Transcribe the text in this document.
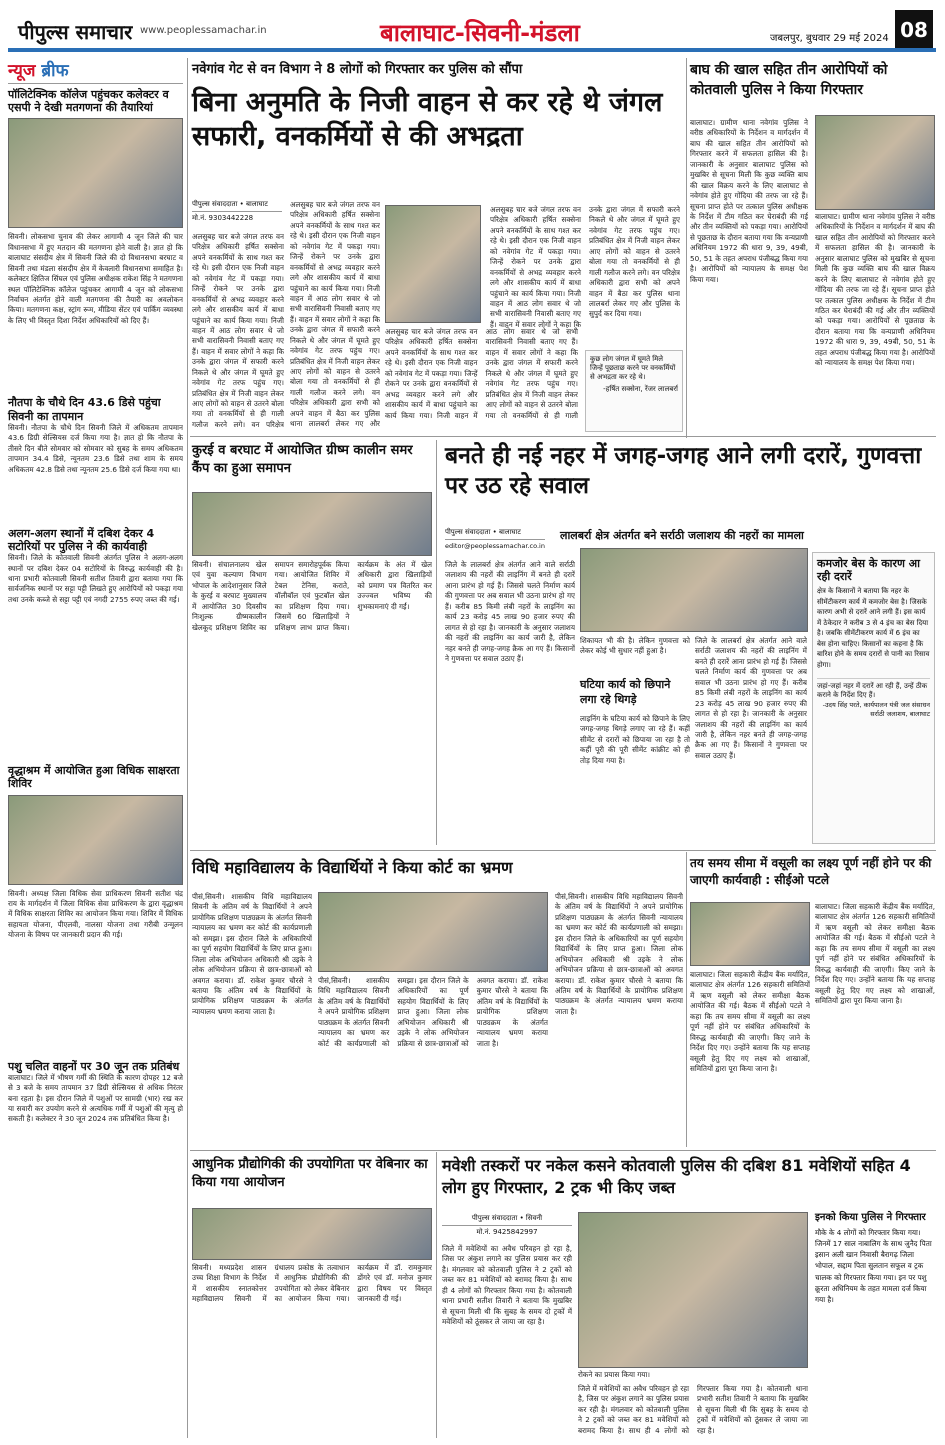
पीपुल्स समाचार www.peoplessamachar.in	बालाघाट-सिवनी-मंडला	जबलपुर, बुधवार 29 मई 2024 08
न्यूज ब्रीफ
पॉलिटेक्निक कॉलेज पहुंचकर कलेक्टर व एसपी ने देखी मतगणना की तैयारियां
सिवनी। लोकसभा चुनाव की लेकर आगामी 4 जून जिले की चार विधानसभा में हुए मतदान की मतगणना होने वाली है। ज्ञात हो कि बालाघाट संसदीय क्षेत्र में सिवनी जिले की दो विधानसभा बरघाट व सिवनी तथा मंडला संसदीय क्षेत्र में केवलारी विधानसभा समाहित है। कलेक्टर क्षितिज सिंघल एवं पुलिस अधीक्षक राकेश सिंह ने मतगणना स्थल पॉलिटेक्निक कॉलेज पहुंचकर आगामी 4 जून को लोकसभा निर्वाचन अंतर्गत होने वाली मतगणना की तैयारी का अवलोकन किया। मतगणना कक्ष, स्ट्रांग रूम, मीडिया सेंटर एवं पार्किंग व्यवस्था के लिए भी विस्तृत दिशा निर्देश अधिकारियों को दिए हैं।
नौतपा के चौथे दिन 43.6 डिसे पहुंचा सिवनी का तापमान
सिवनी। नौतपा के चौथे दिन सिवनी जिले में अधिकतम तापमान 43.6 डिग्री सेल्सियस दर्ज किया गया है। ज्ञात हो कि नौतपा के तीसरे दिन बीते सोमवार को सोमवार को सुबह के समय अधिकतम तापमान 34.4 डिसे, न्यूनतम 23.6 डिसे तथा शाम के समय अधिकतम 42.8 डिसे तथा न्यूनतम 25.6 डिसे दर्ज किया गया था।
अलग-अलग स्थानों में दबिश देकर 4 सटोरियों पर पुलिस ने की कार्यवाही
सिवनी। जिले के कोतवाली सिवनी अंतर्गत पुलिस ने अलग-अलग स्थानों पर दबिश देकर 04 सटोरियों के विरुद्ध कार्यवाही की है। थाना प्रभारी कोतवाली सिवनी सतीश तिवारी द्वारा बताया गया कि सार्वजनिक स्थानों पर सट्टा पट्टी लिखते हुए आरोपियों को पकड़ा गया तथा उनके कब्जे से सट्टा पट्टी एवं नगदी 2755 रुपए जब्त की गई।
वृद्धाश्रम में आयोजित हुआ विधिक साक्षरता शिविर
सिवनी। अध्यक्ष जिला विधिक सेवा प्राधिकरण सिवनी सतीश चंद्र राय के मार्गदर्शन में जिला विधिक सेवा प्राधिकरण के द्वारा वृद्धाश्रम में विधिक साक्षरता शिविर का आयोजन किया गया। शिविर में विधिक सहायता योजना, पीएलवी, नालसा योजना तथा गरीबी उन्मूलन योजना के विषय पर जानकारी प्रदान की गई।
पशु चलित वाहनों पर 30 जून तक प्रतिबंध
बालाघाट। जिले में भीषण गर्मी की स्थिति के कारण दोपहर 12 बजे से 3 बजे के समय तापमान 37 डिग्री सेल्सियस से अधिक निरंतर बना रहता है। इस दौरान जिले में पशुओं पर सामग्री (भार) रख कर या सवारी कर उपयोग करने से अत्यधिक गर्मी में पशुओं की मृत्यु हो सकती है। कलेक्टर ने 30 जून 2024 तक प्रतिबंधित किया है।
नवेगांव गेट से वन विभाग ने 8 लोगों को गिरफ्तार कर पुलिस को सौंपा
बिना अनुमति के निजी वाहन से कर रहे थे जंगल सफारी, वनकर्मियों से की अभद्रता
पीपुल्स संवाददाता • बालाघाट
मो.नं. 9303442228
अलसुबह चार बजे जंगल तरफ वन परिक्षेत्र अधिकारी हर्षित सक्सेना अपने वनकर्मियों के साथ गश्त कर रहे थे। इसी दौरान एक निजी वाहन को नवेगांव गेट में पकड़ा गया। जिन्हें रोकने पर उनके द्वारा वनकर्मियों से अभद्र व्यवहार करने लगे और शासकीय कार्य में बाधा पहुंचाने का कार्य किया गया। निजी वाहन में आठ लोग सवार थे जो सभी वारासिवनी निवासी बताए गए हैं। वाहन में सवार लोगों ने कहा कि उनके द्वारा जंगल में सफारी करने निकले थे और जंगल में घूमते हुए नवेगांव गेट तरफ पहुंच गए। प्रतिबंधित क्षेत्र में निजी वाहन लेकर आए लोगों को वाहन से उतरने बोला गया तो वनकर्मियों से ही गाली गलौज करने लगे। वन परिक्षेत्र अधिकारी द्वारा सभी को अपने वाहन में बैठा कर पुलिस थाना लालबर्रा लेकर गए और
अलसुबह चार बजे जंगल तरफ वन परिक्षेत्र अधिकारी हर्षित सक्सेना अपने वनकर्मियों के साथ गश्त कर रहे थे। इसी दौरान एक निजी वाहन को नवेगांव गेट में पकड़ा गया। जिन्हें रोकने पर उनके द्वारा वनकर्मियों से अभद्र व्यवहार करने लगे और शासकीय कार्य में बाधा पहुंचाने का कार्य किया गया। निजी वाहन में आठ लोग सवार थे जो सभी वारासिवनी निवासी बताए गए हैं। वाहन में सवार लोगों ने कहा कि उनके द्वारा जंगल में सफारी करने निकले थे और जंगल में घूमते हुए नवेगांव गेट तरफ पहुंच गए। प्रतिबंधित क्षेत्र में निजी वाहन लेकर आए लोगों को वाहन से उतरने बोला गया तो वनकर्मियों से ही गाली गलौज करने लगे। वन परिक्षेत्र
अलसुबह चार बजे जंगल तरफ वन परिक्षेत्र अधिकारी हर्षित सक्सेना अपने वनकर्मियों के साथ गश्त कर रहे थे। इसी दौरान एक निजी वाहन को नवेगांव गेट में पकड़ा गया। जिन्हें रोकने पर उनके द्वारा वनकर्मियों से अभद्र व्यवहार करने लगे और शासकीय कार्य में बाधा पहुंचाने का कार्य किया गया। निजी वाहन में आठ लोग सवार थे जो सभी वारासिवनी निवासी बताए गए हैं। वाहन में सवार लोगों ने कहा कि उनके द्वारा जंगल में सफारी करने निकले थे और जंगल में घूमते हुए नवेगांव गेट तरफ पहुंच गए। प्रतिबंधित क्षेत्र में निजी वाहन लेकर आए लोगों को वाहन से उतरने बोला गया तो वनकर्मियों से ही गाली
अलसुबह चार बजे जंगल तरफ वन परिक्षेत्र अधिकारी हर्षित सक्सेना अपने वनकर्मियों के साथ गश्त कर रहे थे। इसी दौरान एक निजी वाहन को नवेगांव गेट में पकड़ा गया। जिन्हें रोकने पर उनके द्वारा वनकर्मियों से अभद्र व्यवहार करने लगे और शासकीय कार्य में बाधा पहुंचाने का कार्य किया गया। निजी वाहन में आठ लोग सवार थे जो सभी वारासिवनी निवासी बताए गए हैं। वाहन में सवार लोगों ने कहा कि उनके द्वारा जंगल में सफारी करने निकले थे और जंगल में घूमते हुए नवेगांव गेट तरफ पहुंच गए। प्रतिबंधित क्षेत्र में निजी वाहन लेकर आए लोगों को वाहन से उतरने बोला गया तो वनकर्मियों से ही गाली गलौज करने लगे। वन परिक्षेत्र अधिकारी द्वारा सभी को अपने वाहन में बैठा कर पुलिस थाना लालबर्रा लेकर गए और पुलिस के सुपुर्द कर दिया गया।
कुछ लोग जंगल में घूमते मिले जिन्हें पूछताछ करने पर वनकर्मियों से अभद्रता कर रहे थे।
-हर्षित सक्सेना, रेंजर लालबर्रा
बाघ की खाल सहित तीन आरोपियों को कोतवाली पुलिस ने किया गिरफ्तार
बालाघाट। ग्रामीण थाना नवेगांव पुलिस ने वरीष्ठ अधिकारियों के निर्देशन व मार्गदर्शन में बाघ की खाल सहित तीन आरोपियों को गिरफ्तार करने में सफलता हासिल की है। जानकारी के अनुसार बालाघाट पुलिस को मुखबिर से सूचना मिली कि कुछ व्यक्ति बाघ की खाल विक्रय करने के लिए बालाघाट से नवेगांव होते हुए गोंदिया की तरफ जा रहे हैं। सूचना प्राप्त होते पर तत्काल पुलिस अधीक्षक के निर्देश में टीम गठित कर घेराबंदी की गई और तीन व्यक्तियों को पकड़ा गया। आरोपियों से पूछताछ के दौरान बताया गया कि वन्यप्राणी अधिनियम 1972 की धारा 9, 39, 49बी, 50, 51 के तहत अपराध पंजीबद्ध किया गया है। आरोपियों को न्यायालय के समक्ष पेश किया गया।
बालाघाट। ग्रामीण थाना नवेगांव पुलिस ने वरीष्ठ अधिकारियों के निर्देशन व मार्गदर्शन में बाघ की खाल सहित तीन आरोपियों को गिरफ्तार करने में सफलता हासिल की है। जानकारी के अनुसार बालाघाट पुलिस को मुखबिर से सूचना मिली कि कुछ व्यक्ति बाघ की खाल विक्रय करने के लिए बालाघाट से नवेगांव होते हुए गोंदिया की तरफ जा रहे हैं। सूचना प्राप्त होते पर तत्काल पुलिस अधीक्षक के निर्देश में टीम गठित कर घेराबंदी की गई और तीन व्यक्तियों को पकड़ा गया। आरोपियों से पूछताछ के दौरान बताया गया कि वन्यप्राणी अधिनियम 1972 की धारा 9, 39, 49बी, 50, 51 के तहत अपराध पंजीबद्ध किया गया है। आरोपियों को न्यायालय के समक्ष पेश किया गया।
कुरई व बरघाट में आयोजित ग्रीष्म कालीन समर कैंप का हुआ समापन
सिवनी। संचालनालय खेल एवं युवा कल्याण विभाग भोपाल के आदेशानुसार जिले के कुरई व बरघाट मुख्यालय में आयोजित 30 दिवसीय निःशुल्क ग्रीष्मकालीन खेलकूद प्रशिक्षण शिविर का समापन समारोहपूर्वक किया गया। आयोजित शिविर में टेबल टेनिस, कराते, वॉलीबॉल एवं फुटबॉल खेल का प्रशिक्षण दिया गया। जिसमें 60 खिलाड़ियों ने प्रशिक्षण लाभ प्राप्त किया। कार्यक्रम के अंत में खेल अधिकारी द्वारा खिलाड़ियों को प्रमाण पत्र वितरित कर उज्ज्वल भविष्य की शुभकामनाएं दी गईं।
बनते ही नई नहर में जगह-जगह आने लगी दरारें, गुणवत्ता पर उठ रहे सवाल
लालबर्रा क्षेत्र अंतर्गत बने सर्राठी जलाशय की नहरों का मामला
पीपुल्स संवाददाता • बालाघाट
editor@peoplessamachar.co.in
जिले के लालबर्रा क्षेत्र अंतर्गत आने वाले सर्राठी जलाशय की नहरों की लाइनिंग में बनते ही दरारें आना प्रारंभ हो गई हैं। जिससे चलते निर्माण कार्य की गुणवत्ता पर अब सवाल भी उठना प्रारंभ हो गए हैं। करीब 85 किमी लंबी नहरों के लाइनिंग का कार्य 23 करोड़ 45 लाख 90 हजार रुपए की लागत से हो रहा है। जानकारी के अनुसार जलाशय की नहरों की लाइनिंग का कार्य जारी है, लेकिन नहर बनते ही जगह-जगह क्रैक आ गए हैं। किसानों ने गुणवत्ता पर सवाल उठाए हैं।
शिकायत भी की है। लेकिन गुणवत्ता को लेकर कोई भी सुधार नहीं हुआ है।
घटिया कार्य को छिपाने लगा रहे थिगड़े
लाइनिंग के घटिया कार्य को छिपाने के लिए जगह-जगह थिगड़े लगाए जा रहे हैं। कहीं सीमेंट से दरारों को छिपाया जा रहा है तो कहीं पूरी की पूरी सीमेंट कांक्रीट को ही तोड़ दिया गया है।
जिले के लालबर्रा क्षेत्र अंतर्गत आने वाले सर्राठी जलाशय की नहरों की लाइनिंग में बनते ही दरारें आना प्रारंभ हो गई हैं। जिससे चलते निर्माण कार्य की गुणवत्ता पर अब सवाल भी उठना प्रारंभ हो गए हैं। करीब 85 किमी लंबी नहरों के लाइनिंग का कार्य 23 करोड़ 45 लाख 90 हजार रुपए की लागत से हो रहा है। जानकारी के अनुसार जलाशय की नहरों की लाइनिंग का कार्य जारी है, लेकिन नहर बनते ही जगह-जगह क्रैक आ गए हैं। किसानों ने गुणवत्ता पर सवाल उठाए हैं।
कमजोर बेस के कारण आ रही दरारें
क्षेत्र के किसानों ने बताया कि नहर के सीमेंटीकरण कार्य में कमजोर बेस है। जिसके कारण अभी से दरारें आने लगी हैं। इस कार्य में ठेकेदार ने करीब 3 से 4 इंच का बेस दिया है। जबकि सीमेंटीकरण कार्य में 6 इंच का बेस होना चाहिए। किसानों का कहना है कि बारिश होने के समय दरारों से पानी का रिसाव होगा।
जहां-जहां नहर में दरारें आ रही हैं, उन्हें ठीक कराने के निर्देश दिए हैं।
-उदय सिंह परते, कार्यपालन यंत्री जल संसाधन सर्राठी जलाशय, बालाघाट
विधि महाविद्यालय के विद्यार्थियों ने किया कोर्ट का भ्रमण
पीसं,सिवनी। शासकीय विधि महाविद्यालय सिवनी के अंतिम वर्ष के विद्यार्थियों ने अपने प्रायोगिक प्रशिक्षण पाठ्यक्रम के अंतर्गत सिवनी न्यायालय का भ्रमण कर कोर्ट की कार्यप्रणाली को समझा। इस दौरान जिले के अधिकारियों का पूर्ण सहयोग विद्यार्थियों के लिए प्राप्त हुआ। जिला लोक अभियोजन अधिकारी श्री उइके ने लोक अभियोजन प्रक्रिया से छात्र-छात्राओं को अवगत कराया। डॉ. राकेश कुमार चौरसे ने बताया कि अंतिम वर्ष के विद्यार्थियों के प्रायोगिक प्रशिक्षण पाठ्यक्रम के अंतर्गत न्यायालय भ्रमण कराया जाता है।
पीसं,सिवनी। शासकीय विधि महाविद्यालय सिवनी के अंतिम वर्ष के विद्यार्थियों ने अपने प्रायोगिक प्रशिक्षण पाठ्यक्रम के अंतर्गत सिवनी न्यायालय का भ्रमण कर कोर्ट की कार्यप्रणाली को समझा। इस दौरान जिले के अधिकारियों का पूर्ण सहयोग विद्यार्थियों के लिए प्राप्त हुआ। जिला लोक अभियोजन अधिकारी श्री उइके ने लोक अभियोजन प्रक्रिया से छात्र-छात्राओं को अवगत कराया। डॉ. राकेश कुमार चौरसे ने बताया कि अंतिम वर्ष के विद्यार्थियों के प्रायोगिक प्रशिक्षण पाठ्यक्रम के अंतर्गत न्यायालय भ्रमण कराया जाता है।
पीसं,सिवनी। शासकीय विधि महाविद्यालय सिवनी के अंतिम वर्ष के विद्यार्थियों ने अपने प्रायोगिक प्रशिक्षण पाठ्यक्रम के अंतर्गत सिवनी न्यायालय का भ्रमण कर कोर्ट की कार्यप्रणाली को समझा। इस दौरान जिले के अधिकारियों का पूर्ण सहयोग विद्यार्थियों के लिए प्राप्त हुआ। जिला लोक अभियोजन अधिकारी श्री उइके ने लोक अभियोजन प्रक्रिया से छात्र-छात्राओं को अवगत कराया। डॉ. राकेश कुमार चौरसे ने बताया कि अंतिम वर्ष के विद्यार्थियों के प्रायोगिक प्रशिक्षण पाठ्यक्रम के अंतर्गत न्यायालय भ्रमण कराया जाता है।
तय समय सीमा में वसूली का लक्ष्य पूर्ण नहीं होने पर की जाएगी कार्यवाही : सीईओ पटले
बालाघाट। जिला सहकारी केंद्रीय बैंक मर्यादित, बालाघाट क्षेत्र अंतर्गत 126 सहकारी समितियों में ऋण वसूली को लेकर समीक्षा बैठक आयोजित की गई। बैठक में सीईओ पटले ने कहा कि तय समय सीमा में वसूली का लक्ष्य पूर्ण नहीं होने पर संबंधित अधिकारियों के विरुद्ध कार्यवाही की जाएगी। किए जाने के निर्देश दिए गए। उन्होंने बताया कि यह सप्ताह वसूली हेतु दिए गए लक्ष्य को शाखाओं, समितियों द्वारा पूरा किया जाना है।
बालाघाट। जिला सहकारी केंद्रीय बैंक मर्यादित, बालाघाट क्षेत्र अंतर्गत 126 सहकारी समितियों में ऋण वसूली को लेकर समीक्षा बैठक आयोजित की गई। बैठक में सीईओ पटले ने कहा कि तय समय सीमा में वसूली का लक्ष्य पूर्ण नहीं होने पर संबंधित अधिकारियों के विरुद्ध कार्यवाही की जाएगी। किए जाने के निर्देश दिए गए। उन्होंने बताया कि यह सप्ताह वसूली हेतु दिए गए लक्ष्य को शाखाओं, समितियों द्वारा पूरा किया जाना है।
आधुनिक प्रौद्योगिकी की उपयोगिता पर वेबिनार का किया गया आयोजन
सिवनी। मध्यप्रदेश शासन उच्च शिक्षा विभाग के निर्देश में शासकीय स्नातकोत्तर महाविद्यालय सिवनी में ग्रंथालय प्रकोष्ठ के तत्वाधान में आधुनिक प्रौद्योगिकी की उपयोगिता को लेकर वेबिनार का आयोजन किया गया। कार्यक्रम में डॉ. रामकुमार डोंगरे एवं डॉ. मनोज कुमार द्वारा विषय पर विस्तृत जानकारी दी गई।
मवेशी तस्करों पर नकेल कसने कोतवाली पुलिस की दबिश 81 मवेशियों सहित 4 लोग हुए गिरफ्तार, 2 ट्रक भी किए जब्त
पीपुल्स संवाददाता • सिवनी
मो.नं. 9425842997
जिले में मवेशियों का अवैध परिवहन हो रहा है, जिस पर अंकुश लगाने का पुलिस प्रयास कर रही है। मंगलवार को कोतवाली पुलिस ने 2 ट्रकों को जब्त कर 81 मवेशियों को बरामद किया है। साथ ही 4 लोगों को गिरफ्तार किया गया है। कोतवाली थाना प्रभारी सतीश तिवारी ने बताया कि मुखबिर से सूचना मिली थी कि सुबह के समय दो ट्रकों में मवेशियों को ठूंसकर ले जाया जा रहा है।
रोकने का प्रयास किया गया।
जिले में मवेशियों का अवैध परिवहन हो रहा है, जिस पर अंकुश लगाने का पुलिस प्रयास कर रही है। मंगलवार को कोतवाली पुलिस ने 2 ट्रकों को जब्त कर 81 मवेशियों को बरामद किया है। साथ ही 4 लोगों को गिरफ्तार किया गया है। कोतवाली थाना प्रभारी सतीश तिवारी ने बताया कि मुखबिर से सूचना मिली थी कि सुबह के समय दो ट्रकों में मवेशियों को ठूंसकर ले जाया जा रहा है।
इनको किया पुलिस ने गिरफ्तार
मौके के 4 लोगों को गिरफ्तार किया गया। जिनमें 17 साल नाबालिग के साथ जुनैद पिता इसान अली खान निवासी बैरागढ़ जिला भोपाल, सद्दाम पिता सुलतान सफूल व ट्रक चालक को गिरफ्तार किया गया। इन पर पशु क्रूरता अधिनियम के तहत मामला दर्ज किया गया है।
